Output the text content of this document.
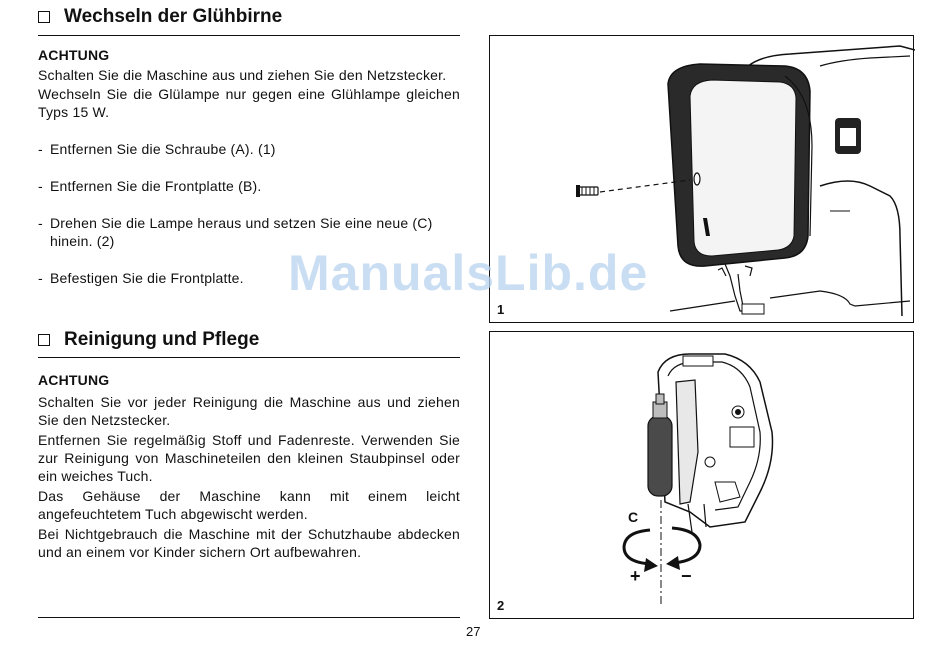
Wechseln der Glühbirne
ACHTUNG
Schalten Sie die Maschine aus und ziehen Sie den Netzstecker.
Wechseln Sie die Glülampe nur gegen eine Glühlampe gleichen Typs 15 W.
- Entfernen Sie die Schraube (A). (1)
- Entfernen Sie die Frontplatte (B).
- Drehen Sie die Lampe heraus und setzen Sie eine neue (C) hinein. (2)
- Befestigen Sie die Frontplatte.
Reinigung und Pflege
ACHTUNG
Schalten Sie vor jeder Reinigung die Maschine aus und ziehen Sie den Netzstecker.
Entfernen Sie regelmäßig Stoff und Fadenreste. Verwenden Sie zur Reinigung von Maschineteilen den kleinen Staubpinsel oder ein weiches Tuch.
Das Gehäuse der Maschine kann mit einem leicht angefeuchtetem Tuch abgewischt werden.
Bei Nichtgebrauch die Maschine mit der Schutzhaube abdecken und an einem vor Kinder sichern Ort aufbewahren.
1
C
+ −
2
ManualsLib.de
27
